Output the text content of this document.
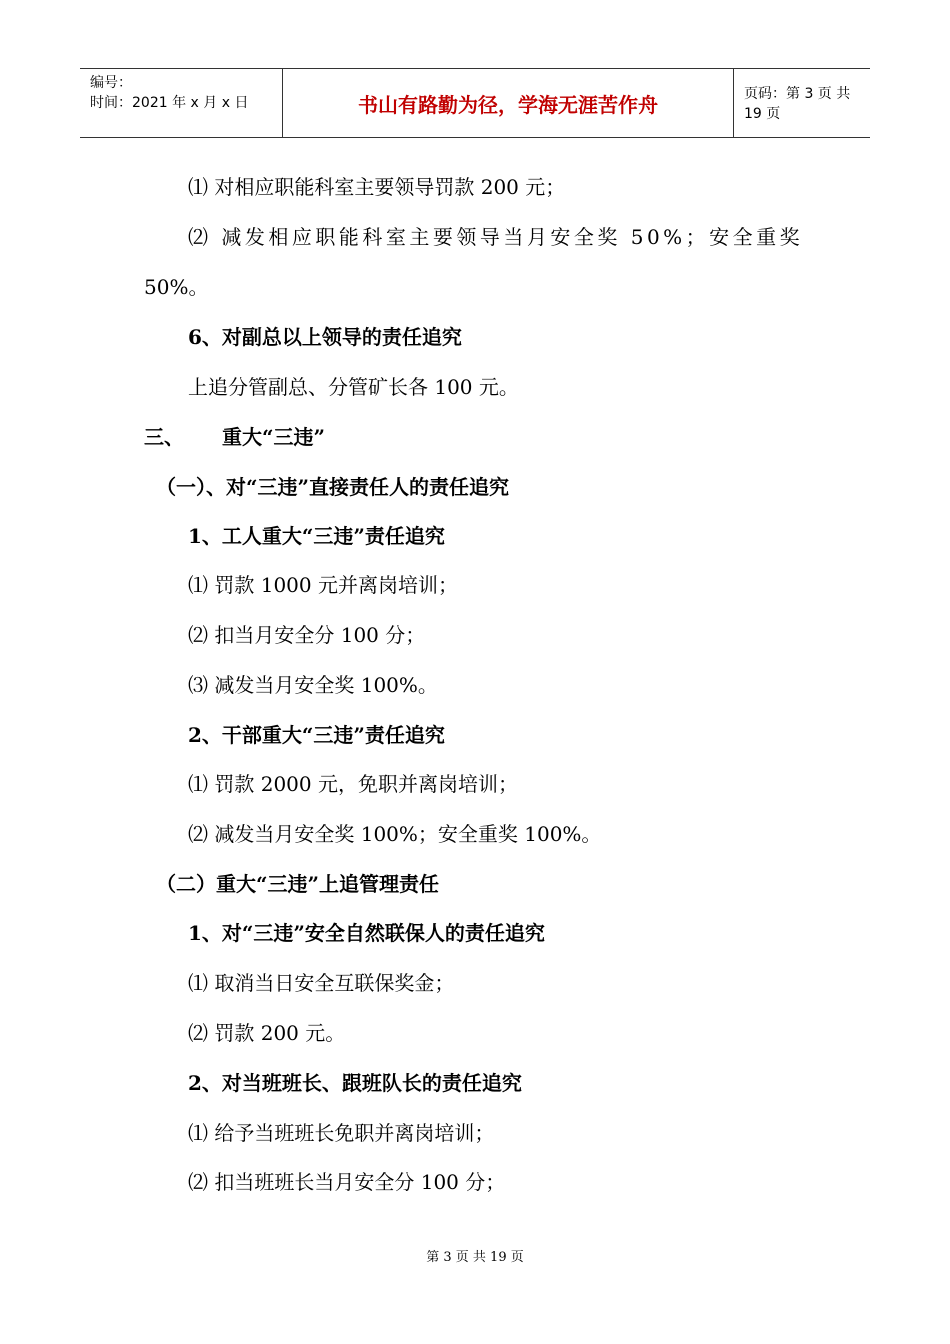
编号：
时间：2021 年 x 月 x 日	书山有路勤为径，学海无涯苦作舟	页码：第 3 页 共 19 页
⑴ 对相应职能科室主要领导罚款 200 元；
⑵ 减发相应职能科室主要领导当月安全奖 50%；安全重奖
50%。
6、对副总以上领导的责任追究
上追分管副总、分管矿长各 100 元。
三、 重大“三违”
（一）、对“三违”直接责任人的责任追究
1、工人重大“三违”责任追究
⑴ 罚款 1000 元并离岗培训；
⑵ 扣当月安全分 100 分；
⑶ 减发当月安全奖 100%。
2、干部重大“三违”责任追究
⑴ 罚款 2000 元，免职并离岗培训；
⑵ 减发当月安全奖 100%；安全重奖 100%。
（二）重大“三违”上追管理责任
1、对“三违”安全自然联保人的责任追究
⑴ 取消当日安全互联保奖金；
⑵ 罚款 200 元。
2、对当班班长、跟班队长的责任追究
⑴ 给予当班班长免职并离岗培训；
⑵ 扣当班班长当月安全分 100 分；
第 3 页 共 19 页
